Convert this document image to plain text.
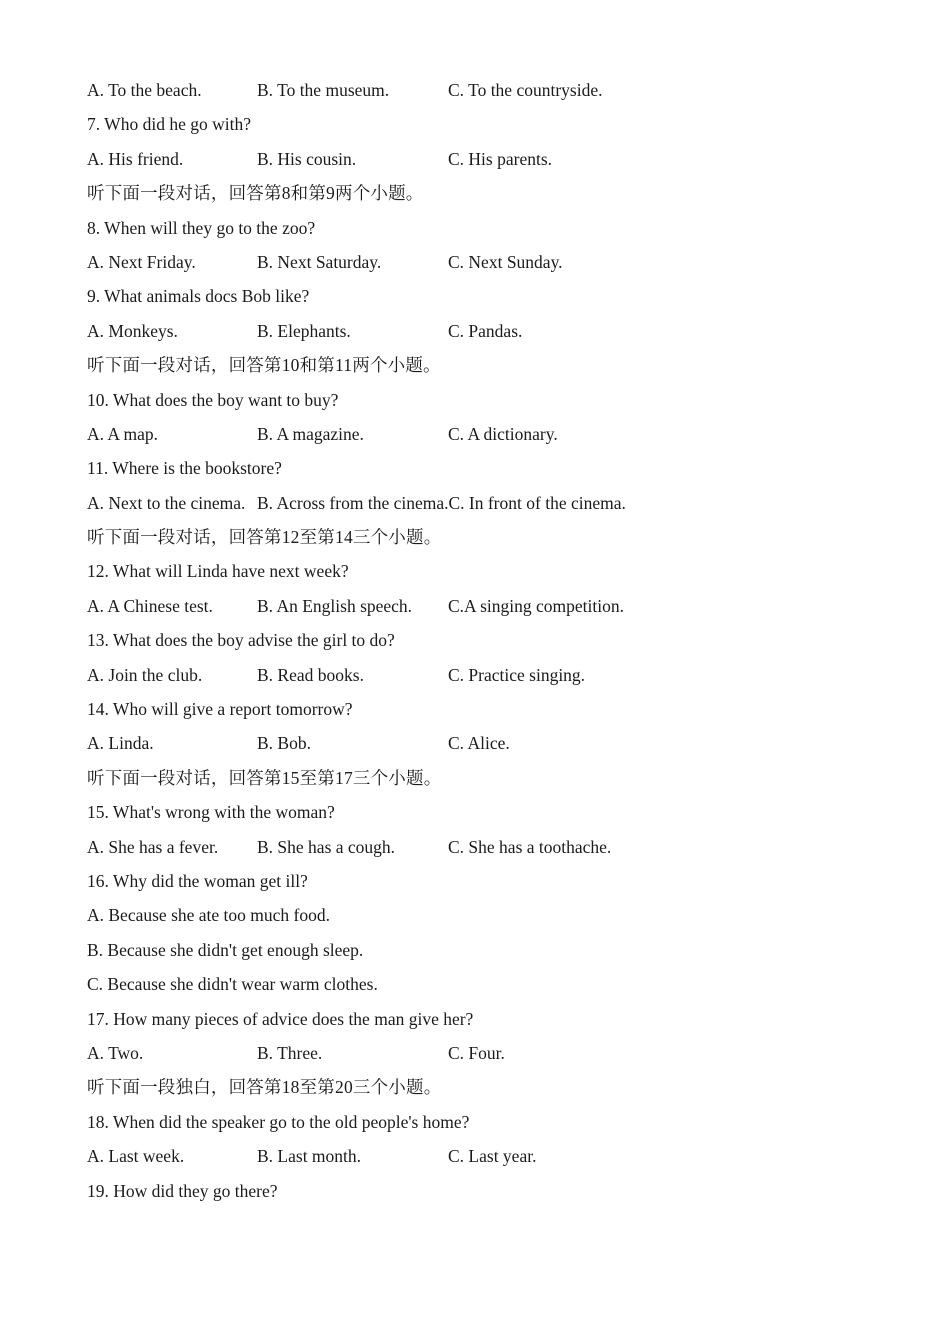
A. To the beach.	B. To the museum.	C. To the countryside.
7. Who did he go with?
A. His friend.	B. His cousin.	C. His parents.
听下面一段对话，回答第8和第9两个小题。
8. When will they go to the zoo?
A. Next Friday.	B. Next Saturday.	C. Next Sunday.
9. What animals docs Bob like?
A. Monkeys.	B. Elephants.	C. Pandas.
听下面一段对话，回答第10和第11两个小题。
10. What does the boy want to buy?
A. A map.	B. A magazine.	C. A dictionary.
11. Where is the bookstore?
A. Next to the cinema. B. Across from the cinema.C. In front of the cinema.
听下面一段对话，回答第12至第14三个小题。
12. What will Linda have next week?
A. A Chinese test.	B. An English speech. C.A singing competition.
13. What does the boy advise the girl to do?
A. Join the club.	B. Read books.	C. Practice singing.
14. Who will give a report tomorrow?
A. Linda.	B. Bob.	C. Alice.
听下面一段对话，回答第15至第17三个小题。
15. What's wrong with the woman?
A. She has a fever. B. She has a cough.	C. She has a toothache.
16. Why did the woman get ill?
A. Because she ate too much food.
B. Because she didn't get enough sleep.
C. Because she didn't wear warm clothes.
17. How many pieces of advice does the man give her?
A. Two.	B. Three.	C. Four.
听下面一段独白，回答第18至第20三个小题。
18. When did the speaker go to the old people's home?
A. Last week.	B. Last month.	C. Last year.
19. How did they go there?
